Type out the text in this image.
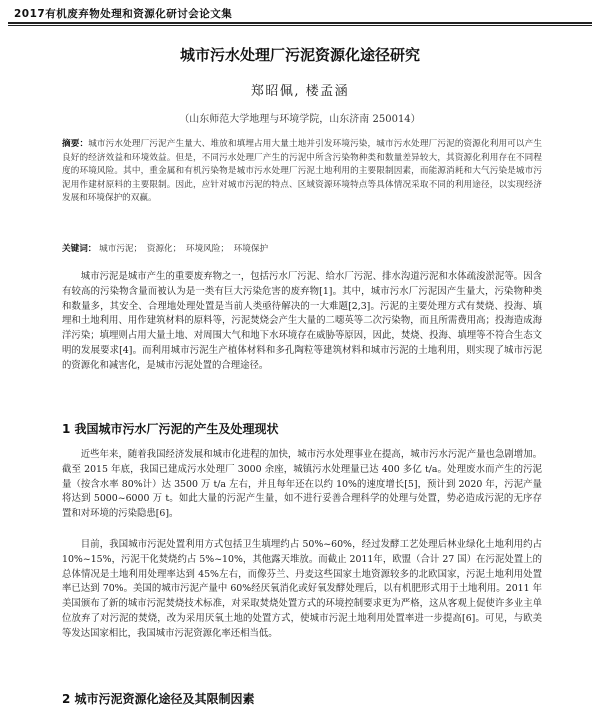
2017有机废弃物处理和资源化研讨会论文集
城市污水处理厂污泥资源化途径研究
郑昭佩, 楼孟涵
（山东师范大学地理与环境学院，山东济南 250014）
摘要：城市污水处理厂污泥产生量大、堆放和填埋占用大量土地并引发环境污染，城市污水处理厂污泥的资源化利用可以产生良好的经济效益和环境效益。但是，不同污水处理厂产生的污泥中所含污染物种类和数量差异较大，其资源化利用存在不同程度的环境风险。其中，重金属和有机污染物是城市污水处理厂污泥土地利用的主要限制因素，而能源消耗和大气污染是城市污泥用作建材原料的主要限制。因此，应针对城市污泥的特点、区域资源环境特点等具体情况采取不同的利用途径，以实现经济发展和环境保护的双赢。
关键词： 城市污泥； 资源化； 环境风险； 环境保护
城市污泥是城市产生的重要废弃物之一，包括污水厂污泥、给水厂污泥、排水沟道污泥和水体疏浚淤泥等。因含有较高的污染物含量而被认为是一类有巨大污染危害的废弃物[1]。其中，城市污水厂污泥因产生量大，污染物种类和数量多，其安全、合理地处理处置是当前人类亟待解决的一大难题[2,3]。污泥的主要处理方式有焚烧、投海、填埋和土地利用、用作建筑材料的原料等，污泥焚烧会产生大量的二噁英等二次污染物，而且所需费用高；投海造成海洋污染；填埋则占用大量土地、对周围大气和地下水环境存在威胁等原因，因此，焚烧、投海、填埋等不符合生态文明的发展要求[4]。而利用城市污泥生产植体材料和多孔陶粒等建筑材料和城市污泥的土地利用，则实现了城市污泥的资源化和减害化，是城市污泥处置的合理途径。
1 我国城市污水厂污泥的产生及处理现状
近些年来，随着我国经济发展和城市化进程的加快，城市污水处理事业在提高，城市污水污泥产量也急剧增加。截至 2015 年底，我国已建成污水处理厂 3000 余座，城镇污水处理量已达 400 多亿 t/a。处理废水而产生的污泥量（按含水率 80%计）达 3500 万 t/a 左右，并且每年还在以约 10%的速度增长[5]，预计到 2020 年，污泥产量将达到 5000~6000 万 t。如此大量的污泥产生量，如不进行妥善合理科学的处理与处置，势必造成污泥的无序存置和对环境的污染隐患[6]。
目前，我国城市污泥处置利用方式包括卫生填埋约占 50%~60%，经过发酵工艺处理后林业绿化土地利用约占 10%~15%，污泥干化焚烧约占 5%~10%，其他露天堆放。而截止 2011年，欧盟（合计 27 国）在污泥处置上的总体情况是土地利用处理率达到 45%左右，而像芬兰、丹麦这些国家土地资源较多的北欧国家，污泥土地利用处置率已达到 70%。美国的城市污泥产量中 60%经厌氧消化或好氧发酵处理后，以有机肥形式用于土地利用。2011 年美国颁布了新的城市污泥焚烧技术标准，对采取焚烧处置方式的环境控制要求更为严格，这从客观上促使许多业主单位放弃了对污泥的焚烧，改为采用厌氧土地的处置方式，使城市污泥土地利用处置率进一步提高[6]。可见，与欧美等发达国家相比，我国城市污泥资源化率还相当低。
2 城市污泥资源化途径及其限制因素
